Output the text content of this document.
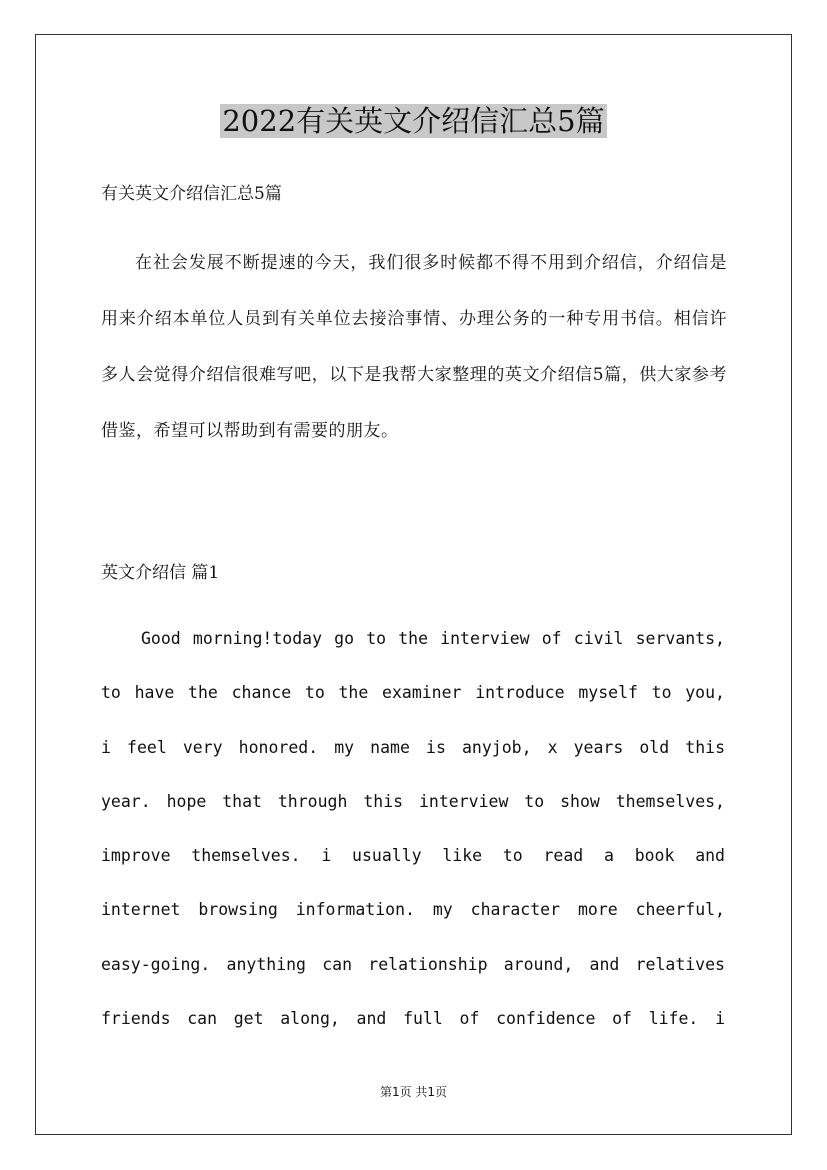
2022有关英文介绍信汇总5篇
有关英文介绍信汇总5篇

在社会发展不断提速的今天，我们很多时候都不得不用到介绍信，介绍信是用来介绍本单位人员到有关单位去接洽事情、办理公务的一种专用书信。相信许多人会觉得介绍信很难写吧，以下是我帮大家整理的英文介绍信5篇，供大家参考借鉴，希望可以帮助到有需要的朋友。

英文介绍信 篇1
Good morning!today go to the interview of civil servants,
to have the chance to the examiner introduce myself to you,
i feel very honored. my name is anyjob, x years old this
year. hope that through this interview to show themselves,
improve themselves. i usually like to read a book and
internet browsing information. my character more cheerful,
easy-going. anything can relationship around, and relatives
friends can get along, and full of confidence of life. i
第1页 共1页
